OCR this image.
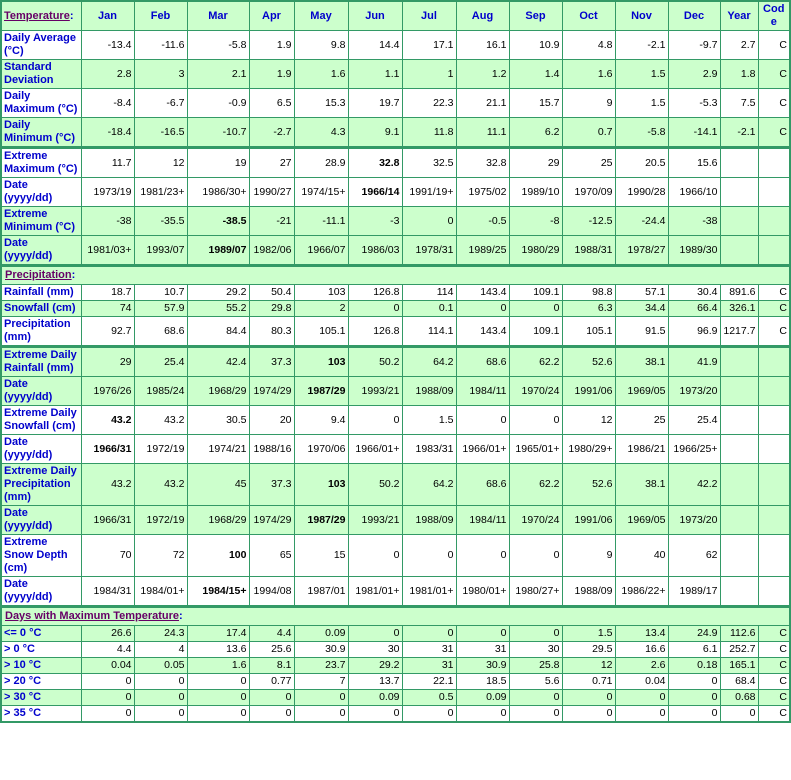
Temperature:	Jan	Feb	Mar	Apr	May	Jun	Jul	Aug	Sep	Oct	Nov	Dec	Year	Code
Daily Average (°C)	-13.4	-11.6	-5.8	1.9	9.8	14.4	17.1	16.1	10.9	4.8	-2.1	-9.7	2.7	C
Standard Deviation	2.8	3	2.1	1.9	1.6	1.1	1	1.2	1.4	1.6	1.5	2.9	1.8	C
Daily Maximum (°C)	-8.4	-6.7	-0.9	6.5	15.3	19.7	22.3	21.1	15.7	9	1.5	-5.3	7.5	C
Daily Minimum (°C)	-18.4	-16.5	-10.7	-2.7	4.3	9.1	11.8	11.1	6.2	0.7	-5.8	-14.1	-2.1	C
Extreme Maximum (°C)	11.7	12	19	27	28.9	32.8	32.5	32.8	29	25	20.5	15.6		
Date (yyyy/dd)	1973/19	1981/23+	1986/30+	1990/27	1974/15+	1966/14	1991/19+	1975/02	1989/10	1970/09	1990/28	1966/10		
Extreme Minimum (°C)	-38	-35.5	-38.5	-21	-11.1	-3	0	-0.5	-8	-12.5	-24.4	-38		
Date (yyyy/dd)	1981/03+	1993/07	1989/07	1982/06	1966/07	1986/03	1978/31	1989/25	1980/29	1988/31	1978/27	1989/30		
Precipitation:														
Rainfall (mm)	18.7	10.7	29.2	50.4	103	126.8	114	143.4	109.1	98.8	57.1	30.4	891.6	C
Snowfall (cm)	74	57.9	55.2	29.8	2	0	0.1	0	0	6.3	34.4	66.4	326.1	C
Precipitation (mm)	92.7	68.6	84.4	80.3	105.1	126.8	114.1	143.4	109.1	105.1	91.5	96.9	1217.7	C
Extreme Daily Rainfall (mm)	29	25.4	42.4	37.3	103	50.2	64.2	68.6	62.2	52.6	38.1	41.9		
Date (yyyy/dd)	1976/26	1985/24	1968/29	1974/29	1987/29	1993/21	1988/09	1984/11	1970/24	1991/06	1969/05	1973/20		
Extreme Daily Snowfall (cm)	43.2	43.2	30.5	20	9.4	0	1.5	0	0	12	25	25.4		
Date (yyyy/dd)	1966/31	1972/19	1974/21	1988/16	1970/06	1966/01+	1983/31	1966/01+	1965/01+	1980/29+	1986/21	1966/25+		
Extreme Daily Precipitation (mm)	43.2	43.2	45	37.3	103	50.2	64.2	68.6	62.2	52.6	38.1	42.2		
Date (yyyy/dd)	1966/31	1972/19	1968/29	1974/29	1987/29	1993/21	1988/09	1984/11	1970/24	1991/06	1969/05	1973/20		
Extreme Snow Depth (cm)	70	72	100	65	15	0	0	0	0	9	40	62		
Date (yyyy/dd)	1984/31	1984/01+	1984/15+	1994/08	1987/01	1981/01+	1981/01+	1980/01+	1980/27+	1988/09	1986/22+	1989/17		
Days with Maximum Temperature:														
<= 0 °C	26.6	24.3	17.4	4.4	0.09	0	0	0	0	1.5	13.4	24.9	112.6	C
> 0 °C	4.4	4	13.6	25.6	30.9	30	31	31	30	29.5	16.6	6.1	252.7	C
> 10 °C	0.04	0.05	1.6	8.1	23.7	29.2	31	30.9	25.8	12	2.6	0.18	165.1	C
> 20 °C	0	0	0	0.77	7	13.7	22.1	18.5	5.6	0.71	0.04	0	68.4	C
> 30 °C	0	0	0	0	0	0.09	0.5	0.09	0	0	0	0	0.68	C
> 35 °C	0	0	0	0	0	0	0	0	0	0	0	0	0	C
